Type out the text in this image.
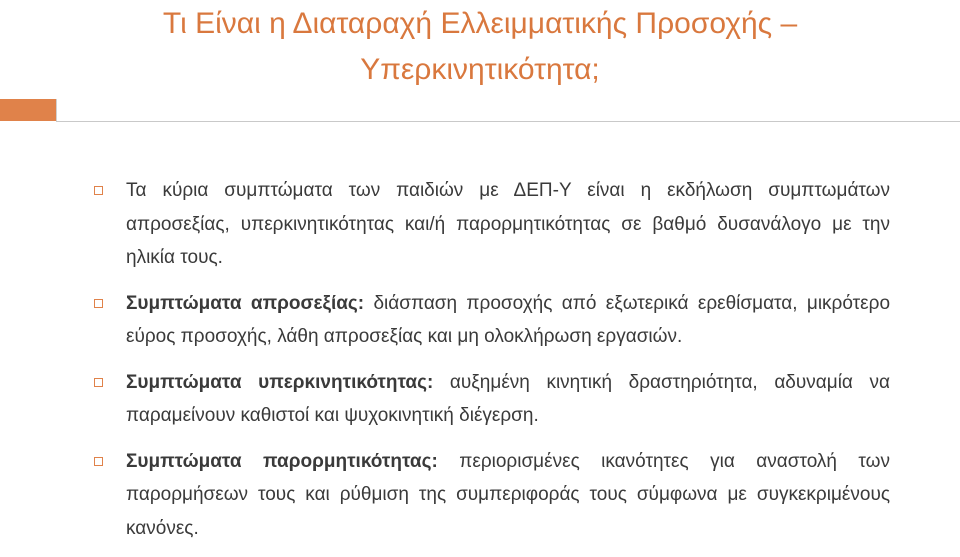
Τι Είναι η Διαταραχή Ελλειμματικής Προσοχής –
Υπερκινητικότητα;
Τα κύρια συμπτώματα των παιδιών με ΔΕΠ-Υ είναι η εκδήλωση συμπτωμάτων απροσεξίας, υπερκινητικότητας και/ή παρορμητικότητας σε βαθμό δυσανάλογο με την ηλικία τους.
Συμπτώματα απροσεξίας: διάσπαση προσοχής από εξωτερικά ερεθίσματα, μικρότερο εύρος προσοχής, λάθη απροσεξίας και μη ολοκλήρωση εργασιών.
Συμπτώματα υπερκινητικότητας: αυξημένη κινητική δραστηριότητα, αδυναμία να παραμείνουν καθιστοί και ψυχοκινητική διέγερση.
Συμπτώματα παρορμητικότητας: περιορισμένες ικανότητες για αναστολή των παρορμήσεων τους και ρύθμιση της συμπεριφοράς τους σύμφωνα με συγκεκριμένους κανόνες.
